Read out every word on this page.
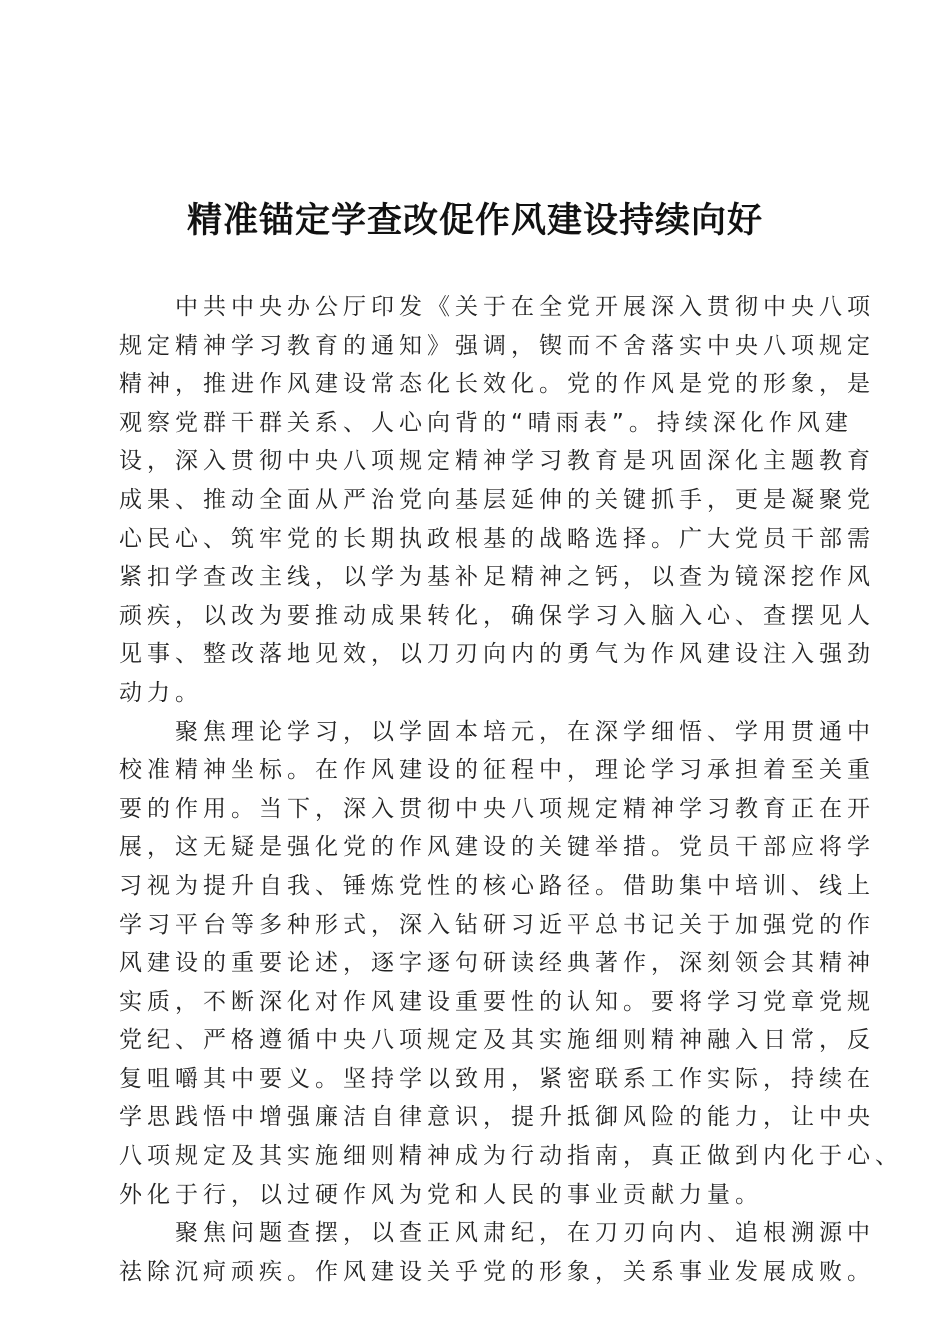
精准锚定学查改促作风建设持续向好

中共中央办公厅印发《关于在全党开展深入贯彻中央八项
规定精神学习教育的通知》强调，锲而不舍落实中央八项规定
精神，推进作风建设常态化长效化。党的作风是党的形象，是
观察党群干群关系、人心向背的“晴雨表”。持续深化作风建
设，深入贯彻中央八项规定精神学习教育是巩固深化主题教育
成果、推动全面从严治党向基层延伸的关键抓手，更是凝聚党
心民心、筑牢党的长期执政根基的战略选择。广大党员干部需
紧扣学查改主线，以学为基补足精神之钙，以查为镜深挖作风
顽疾，以改为要推动成果转化，确保学习入脑入心、查摆见人
见事、整改落地见效，以刀刃向内的勇气为作风建设注入强劲
动力。

聚焦理论学习，以学固本培元，在深学细悟、学用贯通中
校准精神坐标。在作风建设的征程中，理论学习承担着至关重
要的作用。当下，深入贯彻中央八项规定精神学习教育正在开
展，这无疑是强化党的作风建设的关键举措。党员干部应将学
习视为提升自我、锤炼党性的核心路径。借助集中培训、线上
学习平台等多种形式，深入钻研习近平总书记关于加强党的作
风建设的重要论述，逐字逐句研读经典著作，深刻领会其精神
实质，不断深化对作风建设重要性的认知。要将学习党章党规
党纪、严格遵循中央八项规定及其实施细则精神融入日常，反
复咀嚼其中要义。坚持学以致用，紧密联系工作实际，持续在
学思践悟中增强廉洁自律意识，提升抵御风险的能力，让中央
八项规定及其实施细则精神成为行动指南，真正做到内化于心、
外化于行，以过硬作风为党和人民的事业贡献力量。

聚焦问题查摆，以查正风肃纪，在刀刃向内、追根溯源中
祛除沉疴顽疾。作风建设关乎党的形象，关系事业发展成败。
